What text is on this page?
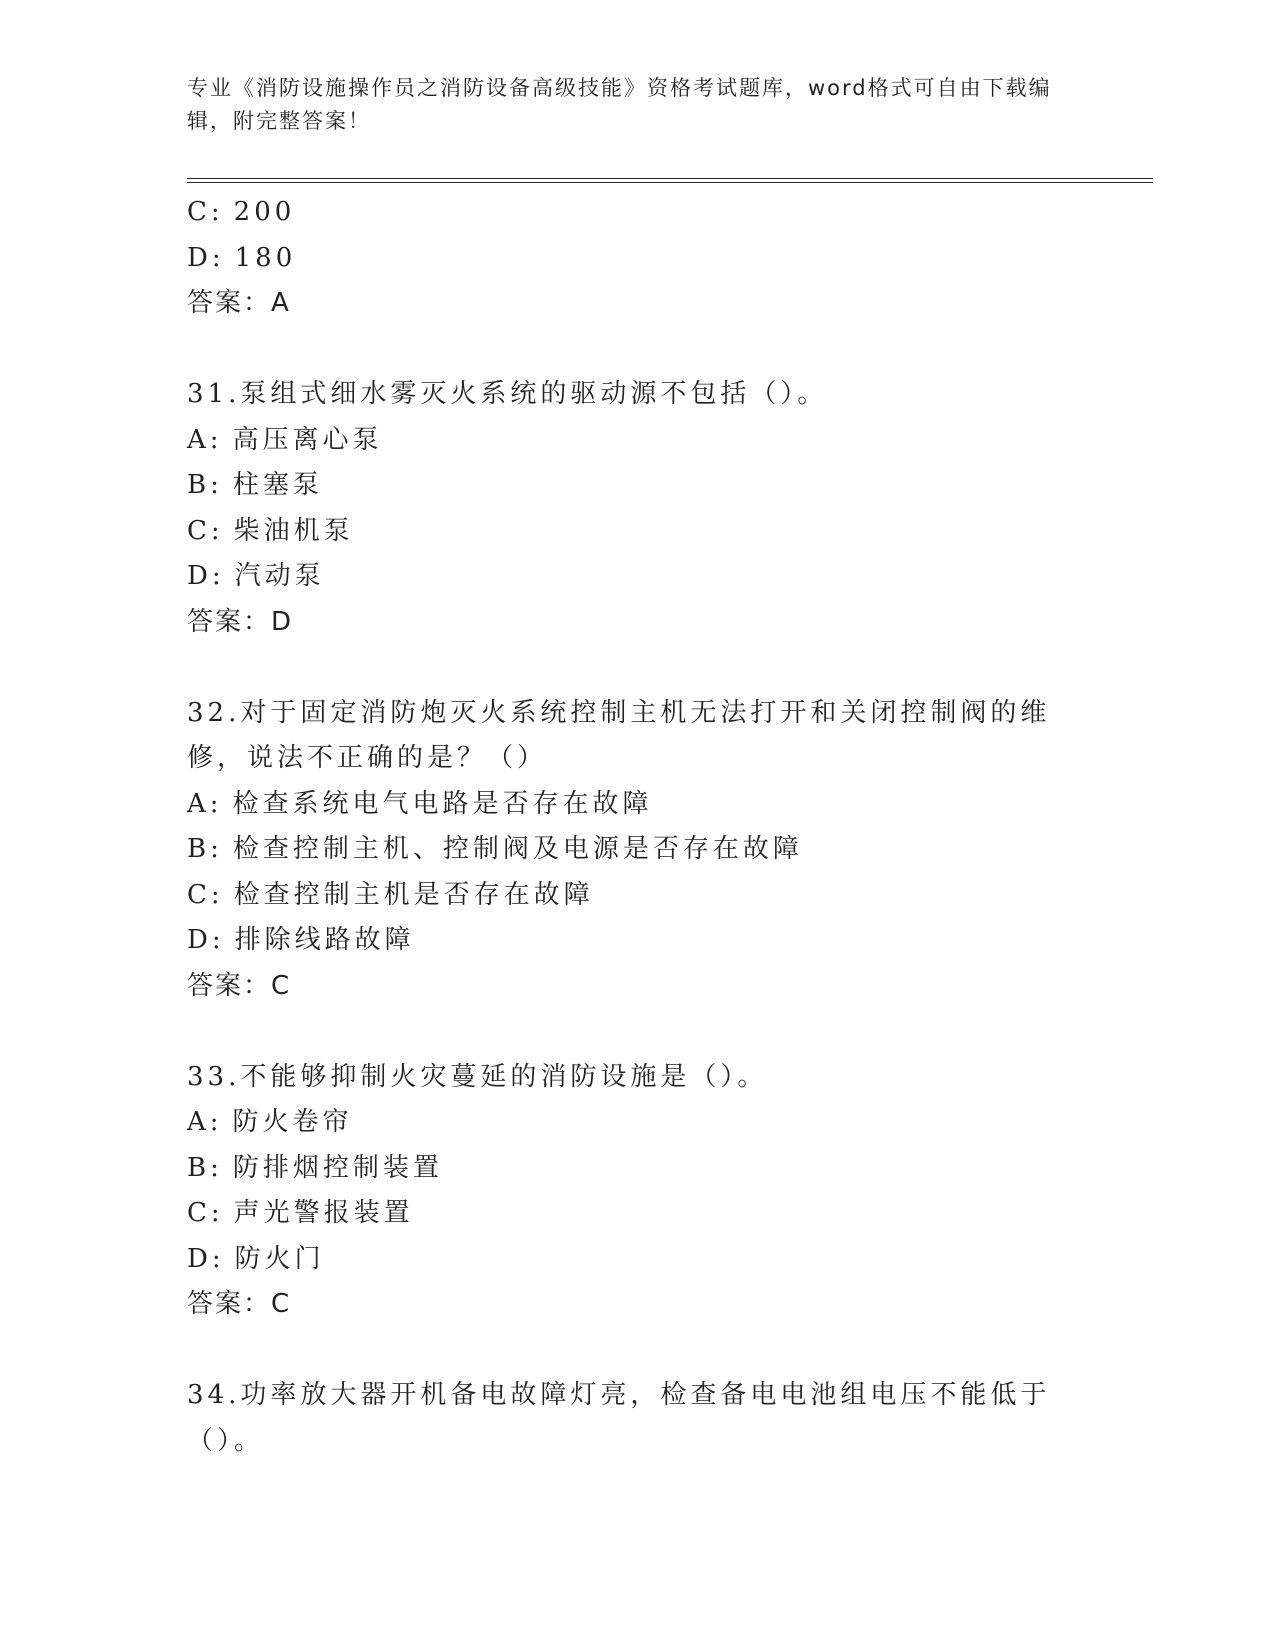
专业《消防设施操作员之消防设备高级技能》资格考试题库，word格式可自由下载编辑，附完整答案！
C: 200
D: 180
答案：A
31.泵组式细水雾灭火系统的驱动源不包括（）。
A: 高压离心泵
B: 柱塞泵
C: 柴油机泵
D: 汽动泵
答案：D
32.对于固定消防炮灭火系统控制主机无法打开和关闭控制阀的维修，说法不正确的是？（）
A: 检查系统电气电路是否存在故障
B: 检查控制主机、控制阀及电源是否存在故障
C: 检查控制主机是否存在故障
D: 排除线路故障
答案：C
33.不能够抑制火灾蔓延的消防设施是（）。
A: 防火卷帘
B: 防排烟控制装置
C: 声光警报装置
D: 防火门
答案：C
34.功率放大器开机备电故障灯亮，检查备电电池组电压不能低于（）。
